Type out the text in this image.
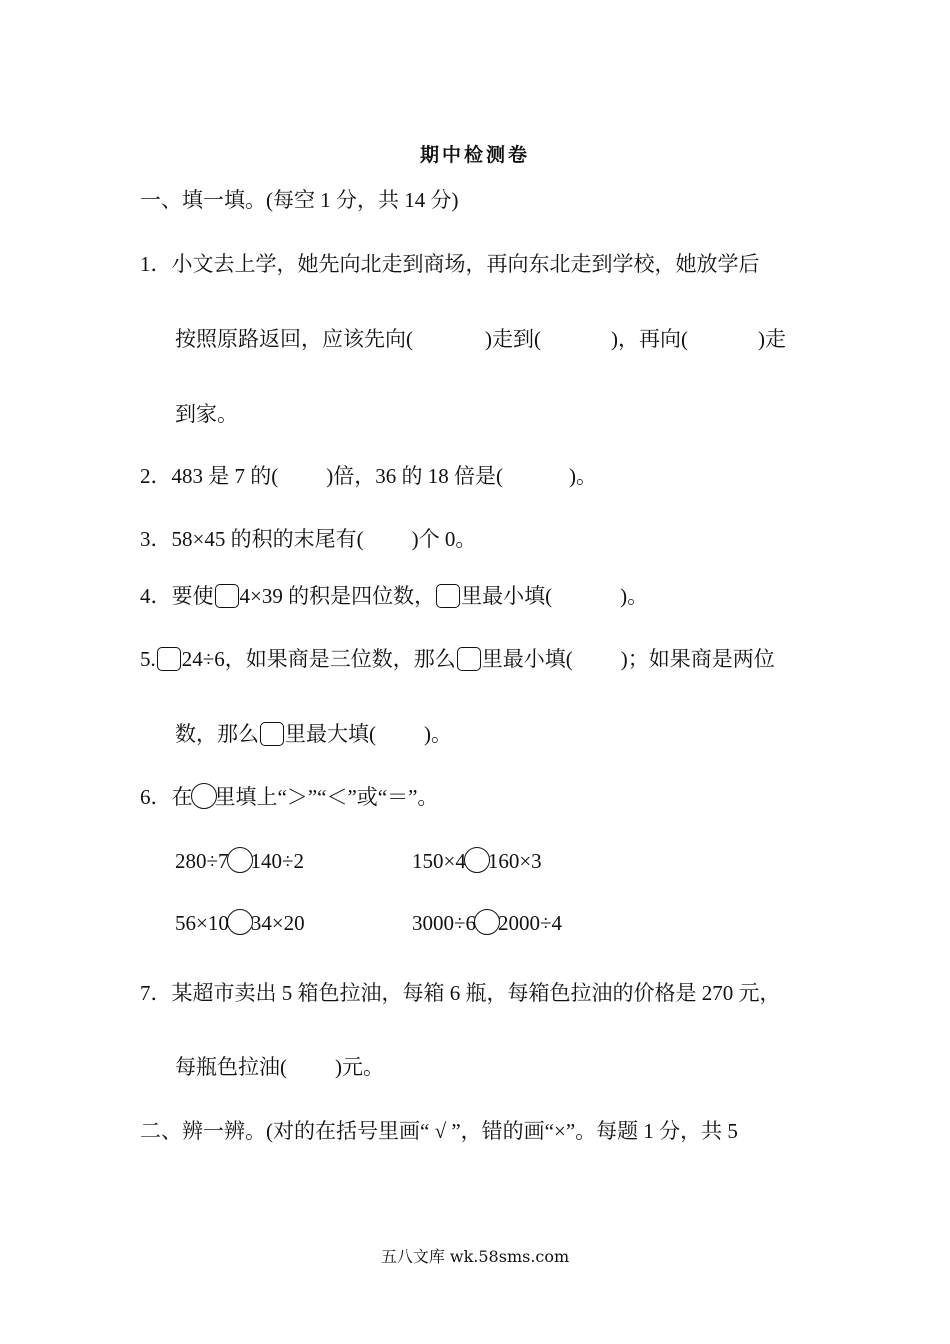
期中检测卷
一、填一填。(每空 1 分，共 14 分)
1．小文去上学，她先向北走到商场，再向东北走到学校，她放学后
按照原路返回，应该先向(	)走到(	)，再向(	)走
到家。
2．483 是 7 的( )倍，36 的 18 倍是(	)。
3．58×45 的积的末尾有( )个 0。
4．要使 4×39 的积是四位数， 里最小填(	)。
5. 24÷6，如果商是三位数，那么 里最小填( )；如果商是两位
数，那么 里最大填( )。
6．在 里填上“＞”“＜”或“＝”。
280÷7 140÷2	150×4 160×3
56×10 34×20	3000÷6 2000÷4
7．某超市卖出 5 箱色拉油，每箱 6 瓶，每箱色拉油的价格是 270 元，
每瓶色拉油( )元。
二、辨一辨。(对的在括号里画“ √ ”，错的画“×”。每题 1 分，共 5
五八文库 wk.58sms.com
